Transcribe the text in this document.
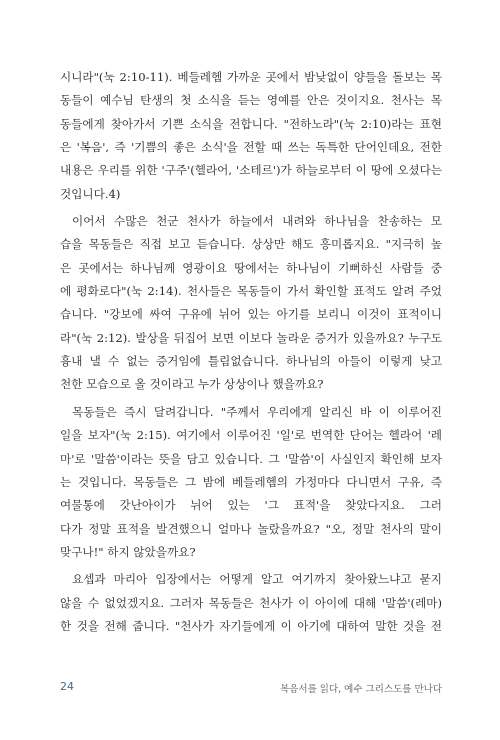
시니라"(눅 2:10-11). 베들레헴 가까운 곳에서 밤낮없이 양들을 돌보는 목
동들이 예수님 탄생의 첫 소식을 듣는 영예를 안은 것이지요. 천사는 목
동들에게 찾아가서 기쁜 소식을 전합니다. "전하노라"(눅 2:10)라는 표현
은 '복음', 즉 '기쁨의 좋은 소식'을 전할 때 쓰는 독특한 단어인데요, 전한
내용은 우리를 위한 '구주'(헬라어, '소테르')가 하늘로부터 이 땅에 오셨다는
것입니다.4)
이어서 수많은 천군 천사가 하늘에서 내려와 하나님을 찬송하는 모
습을 목동들은 직접 보고 듣습니다. 상상만 해도 흥미롭지요. "지극히 높
은 곳에서는 하나님께 영광이요 땅에서는 하나님이 기뻐하신 사람들 중
에 평화로다"(눅 2:14). 천사들은 목동들이 가서 확인할 표적도 알려 주었
습니다. "강보에 싸여 구유에 뉘어 있는 아기를 보리니 이것이 표적이니
라"(눅 2:12). 발상을 뒤집어 보면 이보다 놀라운 증거가 있을까요? 누구도
흉내 낼 수 없는 증거임에 틀림없습니다. 하나님의 아들이 이렇게 낮고
천한 모습으로 올 것이라고 누가 상상이나 했을까요?
목동들은 즉시 달려갑니다. "주께서 우리에게 알리신 바 이 이루어진
일을 보자"(눅 2:15). 여기에서 이루어진 '일'로 번역한 단어는 헬라어 '레
마'로 '말씀'이라는 뜻을 담고 있습니다. 그 '말씀'이 사실인지 확인해 보자
는 것입니다. 목동들은 그 밤에 베들레헴의 가정마다 다니면서 구유, 즉
여물통에 갓난아이가 뉘어 있는 '그 표적'을 찾았다지요. 그러
다가 정말 표적을 발견했으니 얼마나 놀랐을까요? "오, 정말 천사의 말이
맞구나!" 하지 않았을까요?
요셉과 마리아 입장에서는 어떻게 알고 여기까지 찾아왔느냐고 묻지
않을 수 없었겠지요. 그러자 목동들은 천사가 이 아이에 대해 '말씀'(레마)
한 것을 전해 줍니다. "천사가 자기들에게 이 아기에 대하여 말한 것을 전
24	복음서를 읽다, 예수 그리스도를 만나다
